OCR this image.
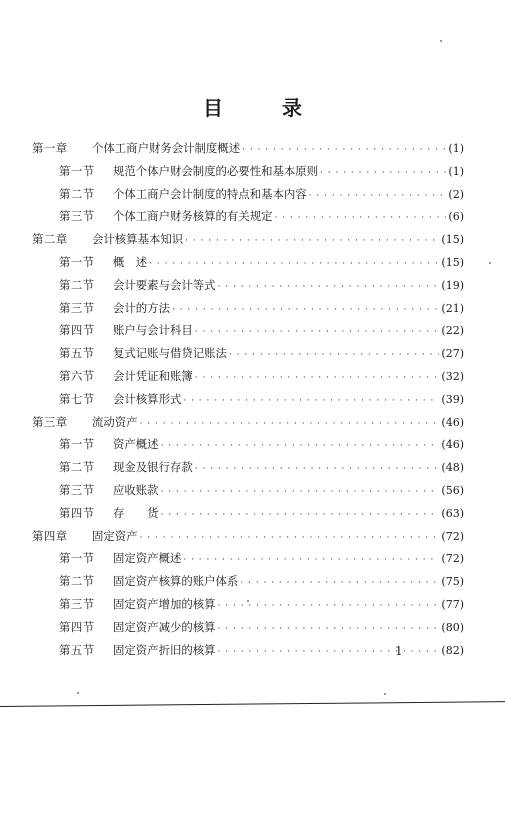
目 录
第一章	个体工商户财务会计制度概述 · · ·	(1)
第一节	规范个体户财会制度的必要性和基本原则 · · ·	(1)
第二节	个体工商户会计制度的特点和基本内容 · · ·	(2)
第三节	个体工商户财务核算的有关规定 · · ·	(6)
第二章	会计核算基本知识 · · ·	(15)
第一节	概　述 · · ·	(15)
第二节	会计要素与会计等式 · · ·	(19)
第三节	会计的方法 · · ·	(21)
第四节	账户与会计科目 · · ·	(22)
第五节	复式记账与借贷记账法 · · ·	(27)
第六节	会计凭证和账簿 · · ·	(32)
第七节	会计核算形式 · · ·	(39)
第三章	流动资产 · · ·	(46)
第一节	资产概述 · · ·	(46)
第二节	现金及银行存款 · · ·	(48)
第三节	应收账款 · · ·	(56)
第四节	存　　货 · · ·	(63)
第四章	固定资产 · · ·	(72)
第一节	固定资产概述 · · ·	(72)
第二节	固定资产核算的账户体系 · · ·	(75)
第三节	固定资产增加的核算 · · ·	(77)
第四节	固定资产减少的核算 · · ·	(80)
第五节	固定资产折旧的核算 · · ·	(82)
1
